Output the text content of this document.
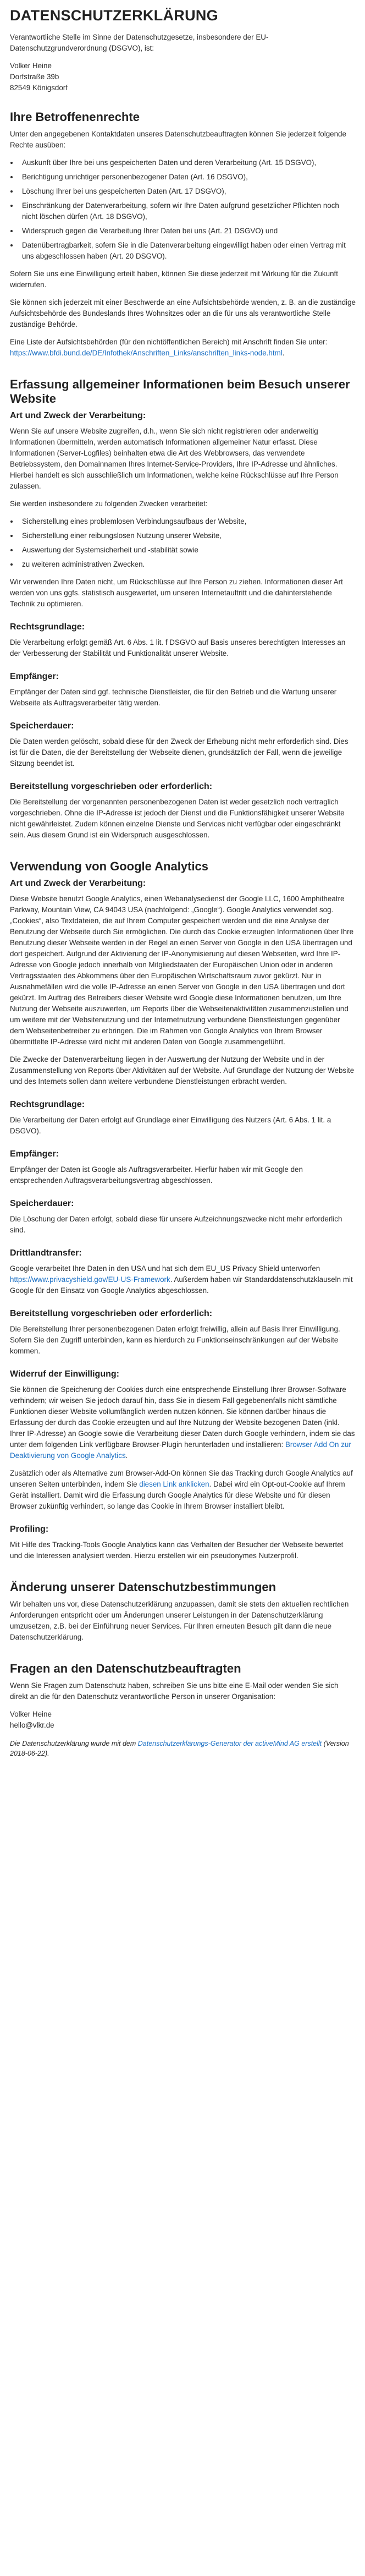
DATENSCHUTZERKLÄRUNG

Verantwortliche Stelle im Sinne der Datenschutzgesetze, insbesondere der EU-Datenschutzgrundverordnung (DSGVO), ist:

Volker Heine

Dorfstraße 39b

82549 Königsdorf

Ihre Betroffenenrechte

Unter den angegebenen Kontaktdaten unseres Datenschutzbeauftragten können Sie jederzeit folgende Rechte ausüben:

• Auskunft über Ihre bei uns gespeicherten Daten und deren Verarbeitung (Art. 15 DSGVO),
• Berichtigung unrichtiger personenbezogener Daten (Art. 16 DSGVO),
• Löschung Ihrer bei uns gespeicherten Daten (Art. 17 DSGVO),
• Einschränkung der Datenverarbeitung, sofern wir Ihre Daten aufgrund gesetzlicher Pflichten noch nicht löschen dürfen (Art. 18 DSGVO),
• Widerspruch gegen die Verarbeitung Ihrer Daten bei uns (Art. 21 DSGVO) und
• Datenübertragbarkeit, sofern Sie in die Datenverarbeitung eingewilligt haben oder einen Vertrag mit uns abgeschlossen haben (Art. 20 DSGVO).

Sofern Sie uns eine Einwilligung erteilt haben, können Sie diese jederzeit mit Wirkung für die Zukunft widerrufen.

Sie können sich jederzeit mit einer Beschwerde an eine Aufsichtsbehörde wenden, z. B. an die zuständige Aufsichtsbehörde des Bundeslands Ihres Wohnsitzes oder an die für uns als verantwortliche Stelle zuständige Behörde.

Eine Liste der Aufsichtsbehörden (für den nichtöffentlichen Bereich) mit Anschrift finden Sie unter: https://www.bfdi.bund.de/DE/Infothek/Anschriften_Links/anschriften_links-node.html.

Erfassung allgemeiner Informationen beim Besuch unserer Website
Art und Zweck der Verarbeitung:

Wenn Sie auf unsere Website zugreifen, d.h., wenn Sie sich nicht registrieren oder anderweitig Informationen übermitteln, werden automatisch Informationen allgemeiner Natur erfasst. Diese Informationen (Server-Logfiles) beinhalten etwa die Art des Webbrowsers, das verwendete Betriebssystem, den Domainnamen Ihres Internet-Service-Providers, Ihre IP-Adresse und ähnliches. Hierbei handelt es sich ausschließlich um Informationen, welche keine Rückschlüsse auf Ihre Person zulassen.

Sie werden insbesondere zu folgenden Zwecken verarbeitet:

• Sicherstellung eines problemlosen Verbindungsaufbaus der Website,
• Sicherstellung einer reibungslosen Nutzung unserer Website,
• Auswertung der Systemsicherheit und -stabilität sowie
• zu weiteren administrativen Zwecken.

Wir verwenden Ihre Daten nicht, um Rückschlüsse auf Ihre Person zu ziehen. Informationen dieser Art werden von uns ggfs. statistisch ausgewertet, um unseren Internetauftritt und die dahinterstehende Technik zu optimieren.

Rechtsgrundlage:

Die Verarbeitung erfolgt gemäß Art. 6 Abs. 1 lit. f DSGVO auf Basis unseres berechtigten Interesses an der Verbesserung der Stabilität und Funktionalität unserer Website.

Empfänger:

Empfänger der Daten sind ggf. technische Dienstleister, die für den Betrieb und die Wartung unserer Webseite als Auftragsverarbeiter tätig werden.

Speicherdauer:

Die Daten werden gelöscht, sobald diese für den Zweck der Erhebung nicht mehr erforderlich sind. Dies ist für die Daten, die der Bereitstellung der Webseite dienen, grundsätzlich der Fall, wenn die jeweilige Sitzung beendet ist.

Bereitstellung vorgeschrieben oder erforderlich:

Die Bereitstellung der vorgenannten personenbezogenen Daten ist weder gesetzlich noch vertraglich vorgeschrieben. Ohne die IP-Adresse ist jedoch der Dienst und die Funktionsfähigkeit unserer Website nicht gewährleistet. Zudem können einzelne Dienste und Services nicht verfügbar oder eingeschränkt sein. Aus diesem Grund ist ein Widerspruch ausgeschlossen.

Verwendung von Google Analytics
Art und Zweck der Verarbeitung:

Diese Website benutzt Google Analytics, einen Webanalysedienst der Google LLC, 1600 Amphitheatre Parkway, Mountain View, CA 94043 USA (nachfolgend: „Google“). Google Analytics verwendet sog. „Cookies“, also Textdateien, die auf Ihrem Computer gespeichert werden und die eine Analyse der Benutzung der Webseite durch Sie ermöglichen. Die durch das Cookie erzeugten Informationen über Ihre Benutzung dieser Webseite werden in der Regel an einen Server von Google in den USA übertragen und dort gespeichert. Aufgrund der Aktivierung der IP-Anonymisierung auf diesen Webseiten, wird Ihre IP-Adresse von Google jedoch innerhalb von Mitgliedstaaten der Europäischen Union oder in anderen Vertragsstaaten des Abkommens über den Europäischen Wirtschaftsraum zuvor gekürzt. Nur in Ausnahmefällen wird die volle IP-Adresse an einen Server von Google in den USA übertragen und dort gekürzt. Im Auftrag des Betreibers dieser Website wird Google diese Informationen benutzen, um Ihre Nutzung der Webseite auszuwerten, um Reports über die Webseitenaktivitäten zusammenzustellen und um weitere mit der Websitenutzung und der Internetnutzung verbundene Dienstleistungen gegenüber dem Webseitenbetreiber zu erbringen. Die im Rahmen von Google Analytics von Ihrem Browser übermittelte IP-Adresse wird nicht mit anderen Daten von Google zusammengeführt.

Die Zwecke der Datenverarbeitung liegen in der Auswertung der Nutzung der Website und in der Zusammenstellung von Reports über Aktivitäten auf der Website. Auf Grundlage der Nutzung der Website und des Internets sollen dann weitere verbundene Dienstleistungen erbracht werden.

Rechtsgrundlage:

Die Verarbeitung der Daten erfolgt auf Grundlage einer Einwilligung des Nutzers (Art. 6 Abs. 1 lit. a DSGVO).

Empfänger:

Empfänger der Daten ist Google als Auftragsverarbeiter. Hierfür haben wir mit Google den entsprechenden Auftragsverarbeitungsvertrag abgeschlossen.

Speicherdauer:

Die Löschung der Daten erfolgt, sobald diese für unsere Aufzeichnungszwecke nicht mehr erforderlich sind.

Drittlandtransfer:

Google verarbeitet Ihre Daten in den USA und hat sich dem EU_US Privacy Shield unterworfen https://www.privacyshield.gov/EU-US-Framework. Außerdem haben wir Standarddatenschutzklauseln mit Google für den Einsatz von Google Analytics abgeschlossen.

Bereitstellung vorgeschrieben oder erforderlich:

Die Bereitstellung Ihrer personenbezogenen Daten erfolgt freiwillig, allein auf Basis Ihrer Einwilligung. Sofern Sie den Zugriff unterbinden, kann es hierdurch zu Funktionseinschränkungen auf der Website kommen.

Widerruf der Einwilligung:

Sie können die Speicherung der Cookies durch eine entsprechende Einstellung Ihrer Browser-Software verhindern; wir weisen Sie jedoch darauf hin, dass Sie in diesem Fall gegebenenfalls nicht sämtliche Funktionen dieser Website vollumfänglich werden nutzen können. Sie können darüber hinaus die Erfassung der durch das Cookie erzeugten und auf Ihre Nutzung der Website bezogenen Daten (inkl. Ihrer IP-Adresse) an Google sowie die Verarbeitung dieser Daten durch Google verhindern, indem sie das unter dem folgenden Link verfügbare Browser-Plugin herunterladen und installieren: Browser Add On zur Deaktivierung von Google Analytics.

Zusätzlich oder als Alternative zum Browser-Add-On können Sie das Tracking durch Google Analytics auf unseren Seiten unterbinden, indem Sie diesen Link anklicken. Dabei wird ein Opt-out-Cookie auf Ihrem Gerät installiert. Damit wird die Erfassung durch Google Analytics für diese Website und für diesen Browser zukünftig verhindert, so lange das Cookie in Ihrem Browser installiert bleibt.

Profiling:

Mit Hilfe des Tracking-Tools Google Analytics kann das Verhalten der Besucher der Webseite bewertet und die Interessen analysiert werden. Hierzu erstellen wir ein pseudonymes Nutzerprofil.

Änderung unserer Datenschutzbestimmungen

Wir behalten uns vor, diese Datenschutzerklärung anzupassen, damit sie stets den aktuellen rechtlichen Anforderungen entspricht oder um Änderungen unserer Leistungen in der Datenschutzerklärung umzusetzen, z.B. bei der Einführung neuer Services. Für Ihren erneuten Besuch gilt dann die neue Datenschutzerklärung.

Fragen an den Datenschutzbeauftragten

Wenn Sie Fragen zum Datenschutz haben, schreiben Sie uns bitte eine E-Mail oder wenden Sie sich direkt an die für den Datenschutz verantwortliche Person in unserer Organisation:

Volker Heine

hello@vlkr.de

Die Datenschutzerklärung wurde mit dem Datenschutzerklärungs-Generator der activeMind AG erstellt (Version 2018-06-22).
